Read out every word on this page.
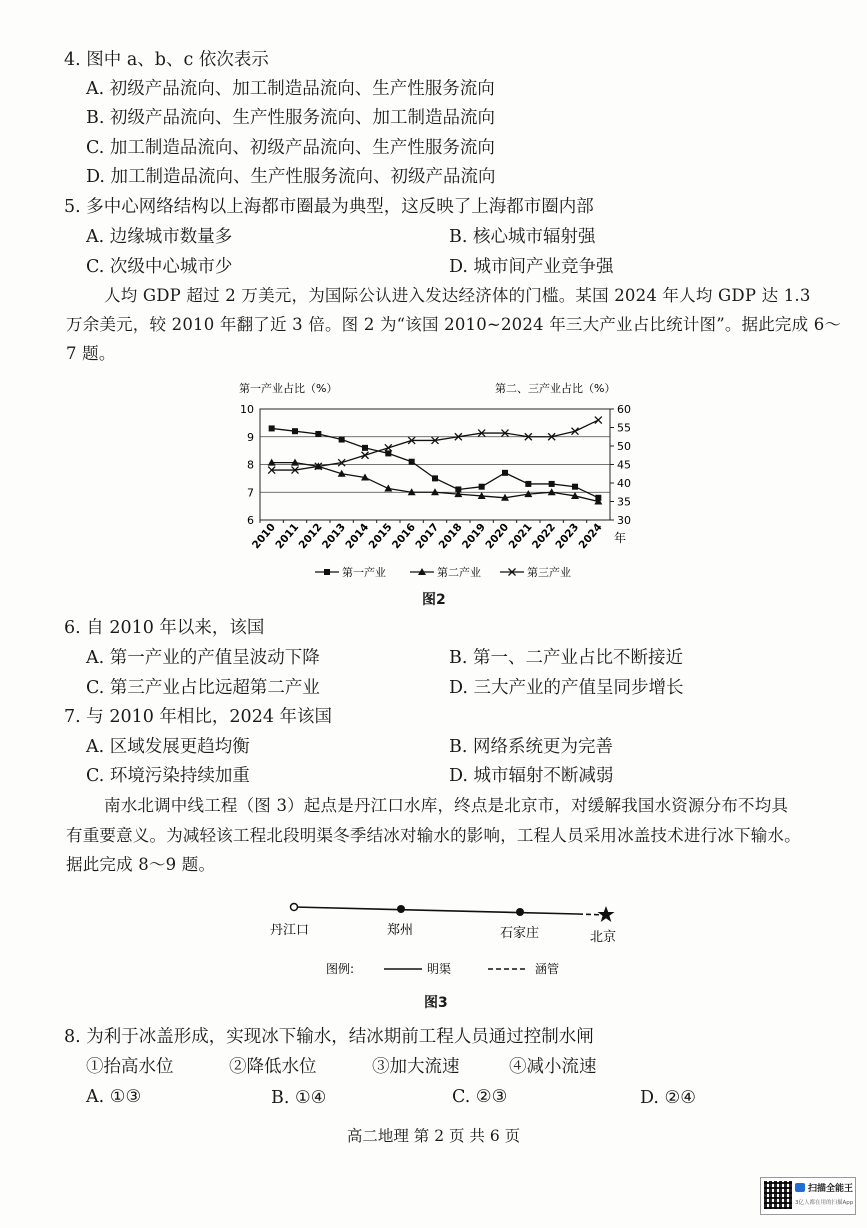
4. 图中 a、b、c 依次表示
A. 初级产品流向、加工制造品流向、生产性服务流向
B. 初级产品流向、生产性服务流向、加工制造品流向
C. 加工制造品流向、初级产品流向、生产性服务流向
D. 加工制造品流向、生产性服务流向、初级产品流向
5. 多中心网络结构以上海都市圈最为典型，这反映了上海都市圈内部
A. 边缘城市数量多	B. 核心城市辐射强
C. 次级中心城市少	D. 城市间产业竞争强
人均 GDP 超过 2 万美元，为国际公认进入发达经济体的门槛。某国 2024 年人均 GDP 达 1.3
万余美元，较 2010 年翻了近 3 倍。图 2 为“该国 2010~2024 年三大产业占比统计图”。据此完成 6～
7 题。
第一产业占比（%）	第二、三产业占比（%）
6
7
8
9
10
30
35
40
45
50
55
60
2010
2011
2012
2013
2014
2015
2016
2017
2018
2019
2020
2021
2022
2023
2024 年
第一产业	第二产业	第三产业
图2
6. 自 2010 年以来，该国
A. 第一产业的产值呈波动下降	B. 第一、二产业占比不断接近
C. 第三产业占比远超第二产业	D. 三大产业的产值呈同步增长
7. 与 2010 年相比，2024 年该国
A. 区域发展更趋均衡	B. 网络系统更为完善
C. 环境污染持续加重	D. 城市辐射不断减弱
南水北调中线工程（图 3）起点是丹江口水库，终点是北京市，对缓解我国水资源分布不均具
有重要意义。为减轻该工程北段明渠冬季结冰对输水的影响，工程人员采用冰盖技术进行冰下输水。
据此完成 8～9 题。
丹江口	郑州	石家庄	北京
图例:	明渠	涵管
图3
8. 为利于冰盖形成，实现冰下输水，结冰期前工程人员通过控制水闸
①抬高水位	②降低水位	③加大流速	④减小流速
A. ①③	B. ①④	C. ②③	D. ②④
高二地理 第 2 页 共 6 页
扫描全能王
3亿人都在用的扫描App
